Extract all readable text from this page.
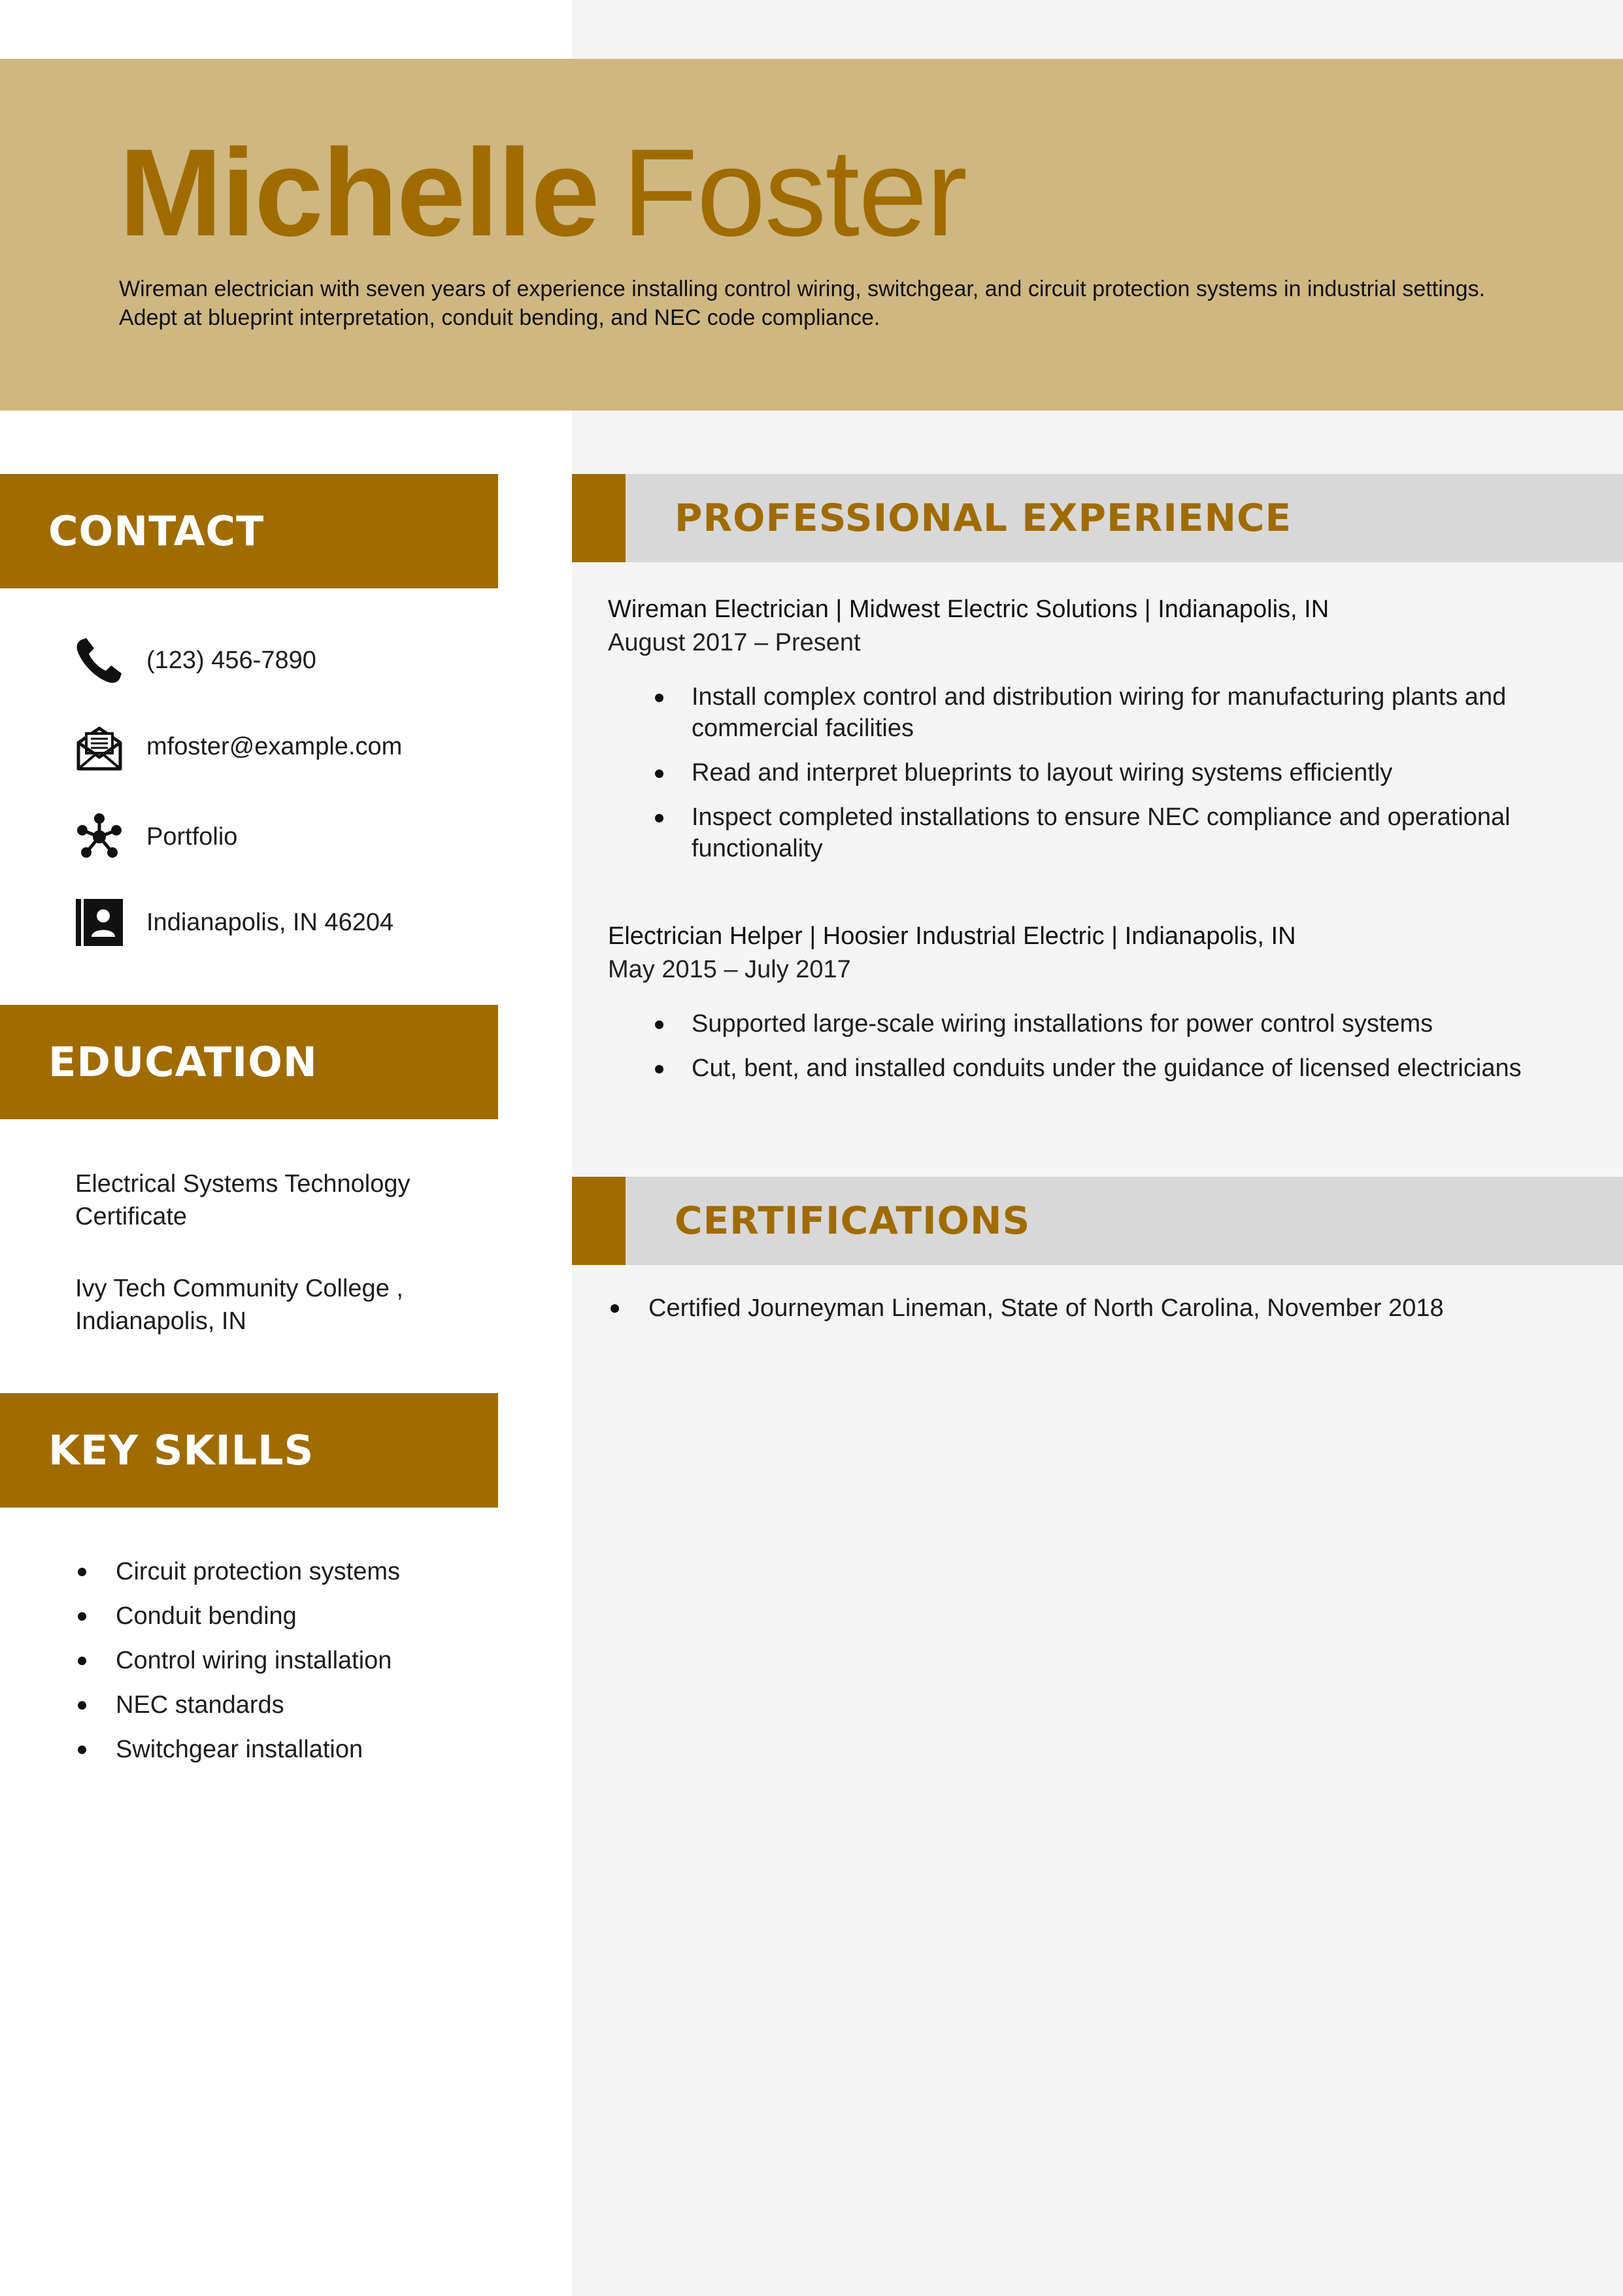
Michelle Foster
Wireman electrician with seven years of experience installing control wiring, switchgear, and circuit protection systems in industrial settings. Adept at blueprint interpretation, conduit bending, and NEC code compliance.
CONTACT
(123) 456-7890
mfoster@example.com
Portfolio
Indianapolis, IN 46204
EDUCATION
Electrical Systems Technology Certificate
Ivy Tech Community College , Indianapolis, IN
KEY SKILLS
Circuit protection systems
Conduit bending
Control wiring installation
NEC standards
Switchgear installation
PROFESSIONAL EXPERIENCE
Wireman Electrician | Midwest Electric Solutions | Indianapolis, IN
August 2017 – Present
Install complex control and distribution wiring for manufacturing plants and commercial facilities
Read and interpret blueprints to layout wiring systems efficiently
Inspect completed installations to ensure NEC compliance and operational functionality
Electrician Helper | Hoosier Industrial Electric | Indianapolis, IN
May 2015 – July 2017
Supported large-scale wiring installations for power control systems
Cut, bent, and installed conduits under the guidance of licensed electricians
CERTIFICATIONS
Certified Journeyman Lineman, State of North Carolina, November 2018
